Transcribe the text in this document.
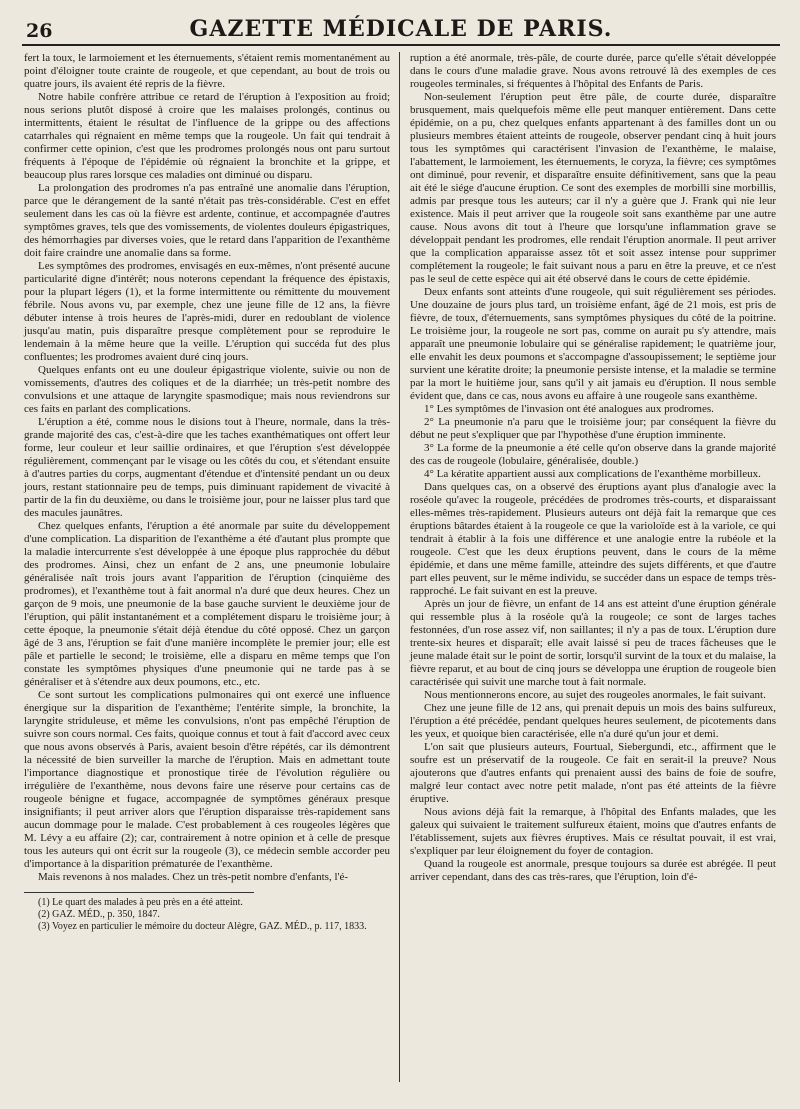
26	GAZETTE MÉDICALE DE PARIS.

fert la toux, le larmoiement et les éternuements, s'étaient remis momentanément au point d'éloigner toute crainte de rougeole, et que cependant, au bout de trois ou quatre jours, ils avaient été repris de la fièvre.

Notre habile confrère attribue ce retard de l'éruption à l'exposition au froid; nous serions plutôt disposé à croire que les malaises prolongés, continus ou intermittents, étaient le résultat de l'influence de la grippe ou des affections catarrhales qui régnaient en même temps que la rougeole. Un fait qui tendrait à confirmer cette opinion, c'est que les prodromes prolongés nous ont paru surtout fréquents à l'époque de l'épidémie où régnaient la bronchite et la grippe, et beaucoup plus rares lorsque ces maladies ont diminué ou disparu.

La prolongation des prodromes n'a pas entraîné une anomalie dans l'éruption, parce que le dérangement de la santé n'était pas très-considérable. C'est en effet seulement dans les cas où la fièvre est ardente, continue, et accompagnée d'autres symptômes graves, tels que des vomissements, de violentes douleurs épigastriques, des hémorrhagies par diverses voies, que le retard dans l'apparition de l'exanthème doit faire craindre une anomalie dans sa forme.

Les symptômes des prodromes, envisagés en eux-mêmes, n'ont présenté aucune particularité digne d'intérêt; nous noterons cependant la fréquence des épistaxis, pour la plupart légers (1), et la forme intermittente ou rémittente du mouvement fébrile. Nous avons vu, par exemple, chez une jeune fille de 12 ans, la fièvre débuter intense à trois heures de l'après-midi, durer en redoublant de violence jusqu'au matin, puis disparaître presque complètement pour se reproduire le lendemain à la même heure que la veille. L'éruption qui succéda fut des plus confluentes; les prodromes avaient duré cinq jours.

Quelques enfants ont eu une douleur épigastrique violente, suivie ou non de vomissements, d'autres des coliques et de la diarrhée; un très-petit nombre des convulsions et une attaque de laryngite spasmodique; mais nous reviendrons sur ces faits en parlant des complications.

L'éruption a été, comme nous le disions tout à l'heure, normale, dans la très-grande majorité des cas, c'est-à-dire que les taches exanthématiques ont offert leur forme, leur couleur et leur saillie ordinaires, et que l'éruption s'est développée régulièrement, commençant par le visage ou les côtés du cou, et s'étendant ensuite à d'autres parties du corps, augmentant d'étendue et d'intensité pendant un ou deux jours, restant stationnaire peu de temps, puis diminuant rapidement de vivacité à partir de la fin du deuxième, ou dans le troisième jour, pour ne laisser plus tard que des macules jaunâtres.

Chez quelques enfants, l'éruption a été anormale par suite du développement d'une complication. La disparition de l'exanthème a été d'autant plus prompte que la maladie intercurrente s'est développée à une époque plus rapprochée du début des prodromes. Ainsi, chez un enfant de 2 ans, une pneumonie lobulaire généralisée naît trois jours avant l'apparition de l'éruption (cinquième des prodromes), et l'exanthème tout à fait anormal n'a duré que deux heures. Chez un garçon de 9 mois, une pneumonie de la base gauche survient le deuxième jour de l'éruption, qui pâlit instantanément et a complétement disparu le troisième jour; à cette époque, la pneumonie s'était déjà étendue du côté opposé. Chez un garçon âgé de 3 ans, l'éruption se fait d'une manière incomplète le premier jour; elle est pâle et partielle le second; le troisième, elle a disparu en même temps que l'on constate les symptômes physiques d'une pneumonie qui ne tarde pas à se généraliser et à s'étendre aux deux poumons, etc., etc.

Ce sont surtout les complications pulmonaires qui ont exercé une influence énergique sur la disparition de l'exanthème; l'entérite simple, la bronchite, la laryngite striduleuse, et même les convulsions, n'ont pas empêché l'éruption de suivre son cours normal. Ces faits, quoique connus et tout à fait d'accord avec ceux que nous avons observés à Paris, avaient besoin d'être répétés, car ils démontrent la nécessité de bien surveiller la marche de l'éruption. Mais en admettant toute l'importance diagnostique et pronostique tirée de l'évolution régulière ou irrégulière de l'exanthème, nous devons faire une réserve pour certains cas de rougeole bénigne et fugace, accompagnée de symptômes généraux presque insignifiants; il peut arriver alors que l'éruption disparaisse très-rapidement sans aucun dommage pour le malade. C'est probablement à ces rougeoles légères que M. Lévy a eu affaire (2); car, contrairement à notre opinion et à celle de presque tous les auteurs qui ont écrit sur la rougeole (3), ce médecin semble accorder peu d'importance à la disparition prématurée de l'exanthème.

Mais revenons à nos malades. Chez un très-petit nombre d'enfants, l'é-

(1) Le quart des malades à peu près en a été atteint.

(2) GAZ. MÉD., p. 350, 1847.

(3) Voyez en particulier le mémoire du docteur Alègre, GAZ. MÉD., p. 117, 1833.

ruption a été anormale, très-pâle, de courte durée, parce qu'elle s'était développée dans le cours d'une maladie grave. Nous avons retrouvé là des exemples de ces rougeoles terminales, si fréquentes à l'hôpital des Enfants de Paris.

Non-seulement l'éruption peut être pâle, de courte durée, disparaître brusquement, mais quelquefois même elle peut manquer entièrement. Dans cette épidémie, on a pu, chez quelques enfants appartenant à des familles dont un ou plusieurs membres étaient atteints de rougeole, observer pendant cinq à huit jours tous les symptômes qui caractérisent l'invasion de l'exanthème, le malaise, l'abattement, le larmoiement, les éternuements, le coryza, la fièvre; ces symptômes ont diminué, pour revenir, et disparaître ensuite définitivement, sans que la peau ait été le siége d'aucune éruption. Ce sont des exemples de morbilli sine morbillis, admis par presque tous les auteurs; car il n'y a guère que J. Frank qui nie leur existence. Mais il peut arriver que la rougeole soit sans exanthème par une autre cause. Nous avons dit tout à l'heure que lorsqu'une inflammation grave se développait pendant les prodromes, elle rendait l'éruption anormale. Il peut arriver que la complication apparaisse assez tôt et soit assez intense pour supprimer complétement la rougeole; le fait suivant nous a paru en être la preuve, et ce n'est pas le seul de cette espèce qui ait été observé dans le cours de cette épidémie.

Deux enfants sont atteints d'une rougeole, qui suit régulièrement ses périodes. Une douzaine de jours plus tard, un troisième enfant, âgé de 21 mois, est pris de fièvre, de toux, d'éternuements, sans symptômes physiques du côté de la poitrine. Le troisième jour, la rougeole ne sort pas, comme on aurait pu s'y attendre, mais apparaît une pneumonie lobulaire qui se généralise rapidement; le quatrième jour, elle envahit les deux poumons et s'accompagne d'assoupissement; le septième jour survient une kératite droite; la pneumonie persiste intense, et la maladie se termine par la mort le huitième jour, sans qu'il y ait jamais eu d'éruption. Il nous semble évident que, dans ce cas, nous avons eu affaire à une rougeole sans exanthème.

1° Les symptômes de l'invasion ont été analogues aux prodromes.

2° La pneumonie n'a paru que le troisième jour; par conséquent la fièvre du début ne peut s'expliquer que par l'hypothèse d'une éruption imminente.

3° La forme de la pneumonie a été celle qu'on observe dans la grande majorité des cas de rougeole (lobulaire, généralisée, double.)

4° La kératite appartient aussi aux complications de l'exanthème morbilleux.

Dans quelques cas, on a observé des éruptions ayant plus d'analogie avec la roséole qu'avec la rougeole, précédées de prodromes très-courts, et disparaissant elles-mêmes très-rapidement. Plusieurs auteurs ont déjà fait la remarque que ces éruptions bâtardes étaient à la rougeole ce que la varioloïde est à la variole, ce qui tendrait à établir à la fois une différence et une analogie entre la rubéole et la rougeole. C'est que les deux éruptions peuvent, dans le cours de la même épidémie, et dans une même famille, atteindre des sujets différents, et que d'autre part elles peuvent, sur le même individu, se succéder dans un espace de temps très-rapproché. Le fait suivant en est la preuve.

Après un jour de fièvre, un enfant de 14 ans est atteint d'une éruption générale qui ressemble plus à la roséole qu'à la rougeole; ce sont de larges taches festonnées, d'un rose assez vif, non saillantes; il n'y a pas de toux. L'éruption dure trente-six heures et disparaît; elle avait laissé si peu de traces fâcheuses que le jeune malade était sur le point de sortir, lorsqu'il survint de la toux et du malaise, la fièvre reparut, et au bout de cinq jours se développa une éruption de rougeole bien caractérisée qui suivit une marche tout à fait normale.

Nous mentionnerons encore, au sujet des rougeoles anormales, le fait suivant.

Chez une jeune fille de 12 ans, qui prenait depuis un mois des bains sulfureux, l'éruption a été précédée, pendant quelques heures seulement, de picotements dans les yeux, et quoique bien caractérisée, elle n'a duré qu'un jour et demi.

L'on sait que plusieurs auteurs, Fourtual, Siebergundi, etc., affirment que le soufre est un préservatif de la rougeole. Ce fait en serait-il la preuve? Nous ajouterons que d'autres enfants qui prenaient aussi des bains de foie de soufre, malgré leur contact avec notre petit malade, n'ont pas été atteints de la fièvre éruptive.

Nous avions déjà fait la remarque, à l'hôpital des Enfants malades, que les galeux qui suivaient le traitement sulfureux étaient, moins que d'autres enfants de l'établissement, sujets aux fièvres éruptives. Mais ce résultat pouvait, il est vrai, s'expliquer par leur éloignement du foyer de contagion.

Quand la rougeole est anormale, presque toujours sa durée est abrégée. Il peut arriver cependant, dans des cas très-rares, que l'éruption, loin d'é-
